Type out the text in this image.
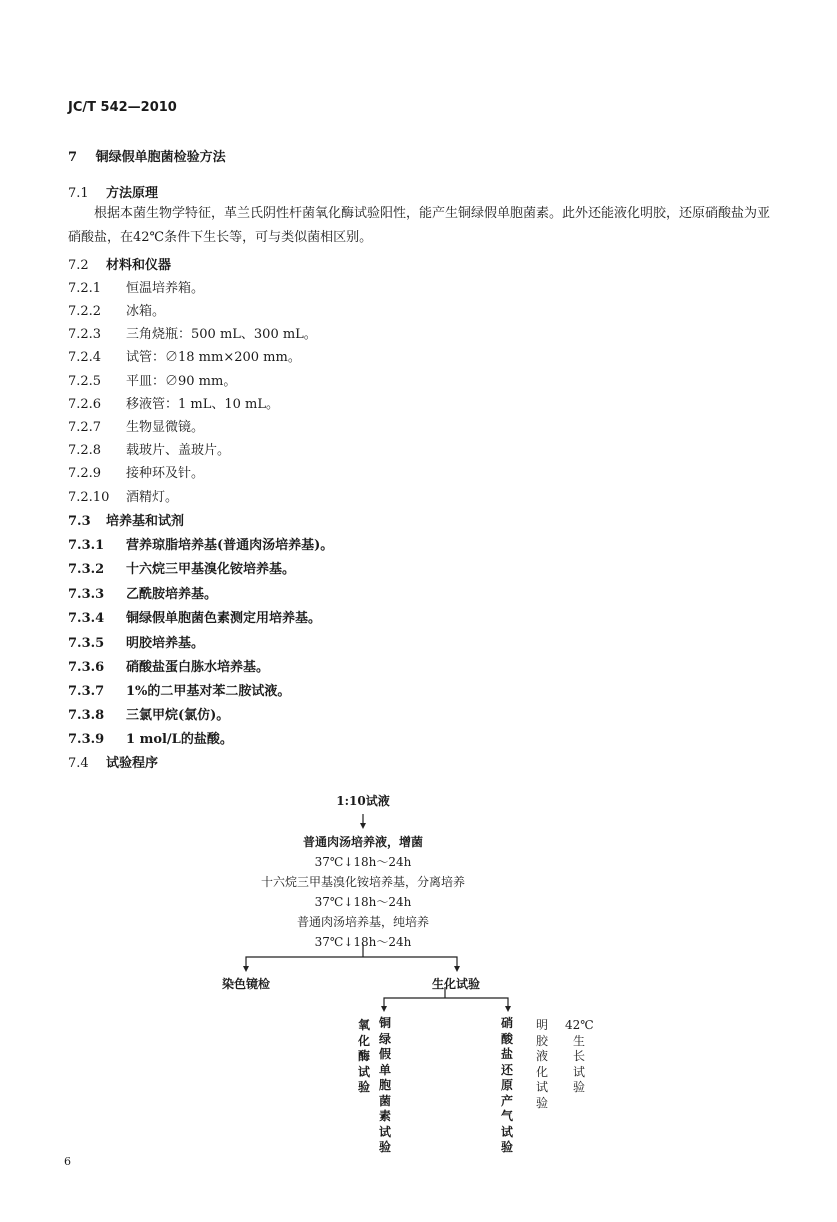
JC/T 542—2010
7 铜绿假单胞菌检验方法
7.1 方法原理
根据本菌生物学特征，革兰氏阴性杆菌氧化酶试验阳性，能产生铜绿假单胞菌素。此外还能液化明胶，还原硝酸盐为亚硝酸盐，在42℃条件下生长等，可与类似菌相区别。
7.2 材料和仪器
7.2.1 恒温培养箱。
7.2.2 冰箱。
7.2.3 三角烧瓶：500 mL、300 mL。
7.2.4 试管：∅18 mm×200 mm。
7.2.5 平皿：∅90 mm。
7.2.6 移液管：1 mL、10 mL。
7.2.7 生物显微镜。
7.2.8 载玻片、盖玻片。
7.2.9 接种环及针。
7.2.10 酒精灯。
7.3 培养基和试剂
7.3.1 营养琼脂培养基(普通肉汤培养基)。
7.3.2 十六烷三甲基溴化铵培养基。
7.3.3 乙酰胺培养基。
7.3.4 铜绿假单胞菌色素测定用培养基。
7.3.5 明胶培养基。
7.3.6 硝酸盐蛋白胨水培养基。
7.3.7 1%的二甲基对苯二胺试液。
7.3.8 三氯甲烷(氯仿)。
7.3.9 1 mol/L的盐酸。
7.4 试验程序
1:10试液
普通肉汤培养液，增菌
37℃↓18h～24h
十六烷三甲基溴化铵培养基，分离培养
37℃↓18h～24h
普通肉汤培养基，纯培养
37℃↓18h～24h
染色镜检	生化试验
氧化酶试验
铜绿假单胞菌素试验
硝酸盐还原产气试验
明胶液化试验
42℃
生长试验
6
